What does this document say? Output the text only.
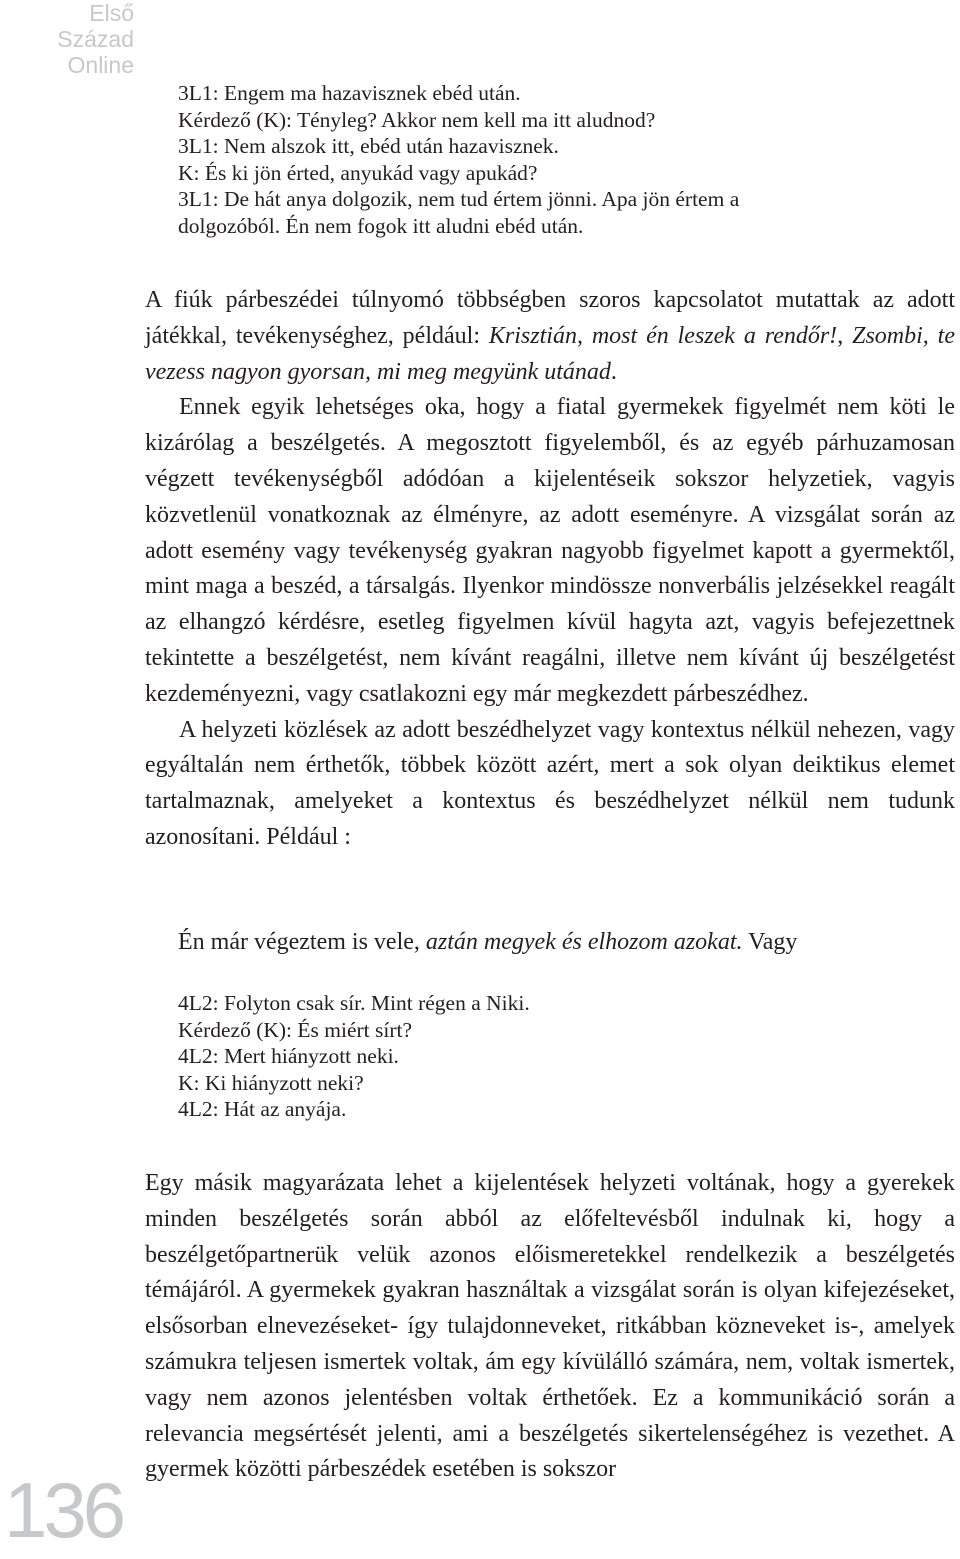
Első
Század
Online
3L1: Engem ma hazavisznek ebéd után.
Kérdező (K): Tényleg? Akkor nem kell ma itt aludnod?
3L1: Nem alszok itt, ebéd után hazavisznek.
K: És ki jön érted, anyukád vagy apukád?
3L1: De hát anya dolgozik, nem tud értem jönni. Apa jön értem a
dolgozóból. Én nem fogok itt aludni ebéd után.

A fiúk párbeszédei túlnyomó többségben szoros kapcsolatot mutattak az adott játékkal, tevékenységhez, például: Krisztián, most én leszek a rendőr!, Zsombi, te vezess nagyon gyorsan, mi meg megyünk utánad.

Ennek egyik lehetséges oka, hogy a fiatal gyermekek figyelmét nem köti le kizárólag a beszélgetés. A megosztott figyelemből, és az egyéb párhuzamosan végzett tevékenységből adódóan a kijelentéseik sokszor helyzetiek, vagyis közvetlenül vonatkoznak az élményre, az adott eseményre. A vizsgálat során az adott esemény vagy tevékenység gyakran nagyobb figyelmet kapott a gyermektől, mint maga a beszéd, a társalgás. Ilyenkor mindössze nonverbális jelzésekkel reagált az elhangzó kérdésre, esetleg figyelmen kívül hagyta azt, vagyis befejezettnek tekintette a beszélgetést, nem kívánt reagálni, illetve nem kívánt új beszélgetést kezdeményezni, vagy csatlakozni egy már megkezdett párbeszédhez.

A helyzeti közlések az adott beszédhelyzet vagy kontextus nélkül nehezen, vagy egyáltalán nem érthetők, többek között azért, mert a sok olyan deiktikus elemet tartalmaznak, amelyeket a kontextus és beszédhelyzet nélkül nem tudunk azonosítani. Például :

Én már végeztem is vele, aztán megyek és elhozom azokat. Vagy
4L2: Folyton csak sír. Mint régen a Niki.
Kérdező (K): És miért sírt?
4L2: Mert hiányzott neki.
K: Ki hiányzott neki?
4L2: Hát az anyája.

Egy másik magyarázata lehet a kijelentések helyzeti voltának, hogy a gyerekek minden beszélgetés során abból az előfeltevésből indulnak ki, hogy a beszélgetőpartnerük velük azonos előismeretekkel rendelkezik a beszélgetés témájáról. A gyermekek gyakran használtak a vizsgálat során is olyan kifejezéseket, elsősorban elnevezéseket- így tulajdonneveket, ritkábban közneveket is-, amelyek számukra teljesen ismertek voltak, ám egy kívülálló számára, nem, voltak ismertek, vagy nem azonos jelentésben voltak érthetőek. Ez a kommunikáció során a relevancia megsértését jelenti, ami a beszélgetés sikertelenségéhez is vezethet. A gyermek közötti párbeszédek esetében is sokszor

136
